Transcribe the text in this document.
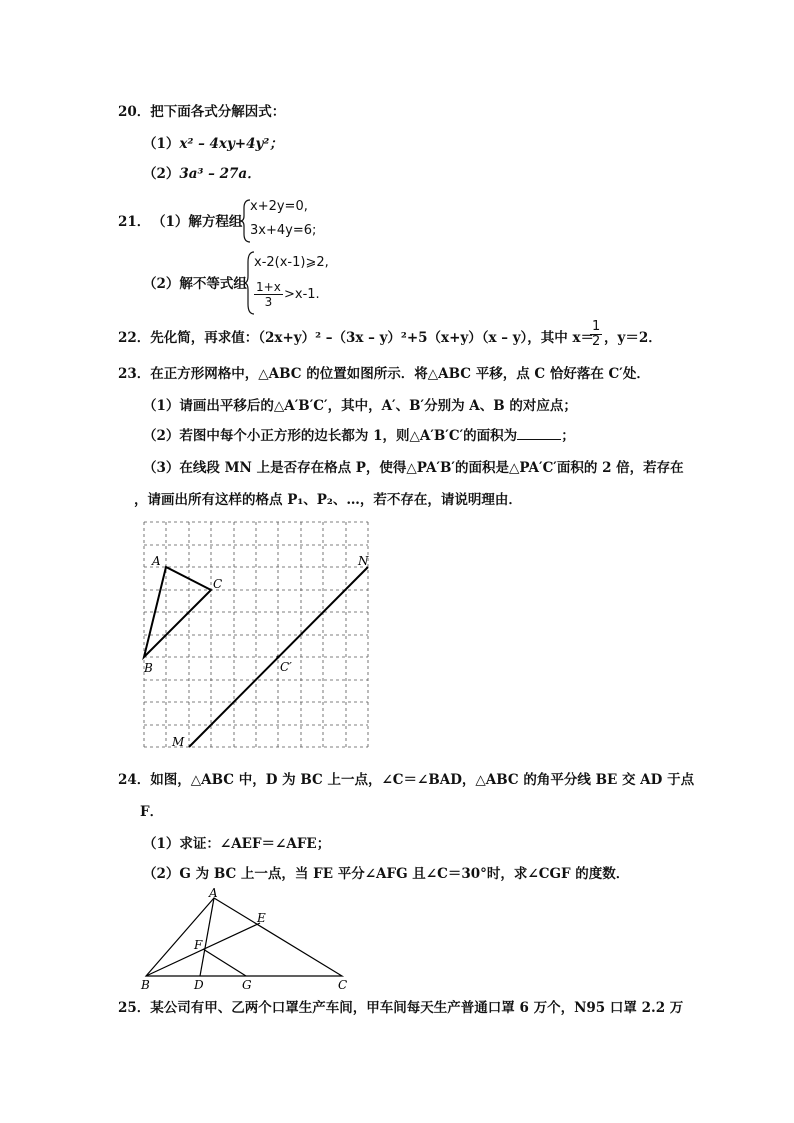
20．把下面各式分解因式：
（1）x² – 4xy+4y²；
（2）3a³ – 27a．
21． （1）解方程组
x+2y=0,
3x+4y=6;
（2）解不等式组
x-2(x-1)⩾2,
$\frac{1+x}{3} >x-1$.
22．先化简，再求值：（2x+y）² –（3x – y）²+5（x+y）（x – y），其中 x＝
$\frac{1}{2}$ ，y＝2．
23．在正方形网格中，△ABC 的位置如图所示．将△ABC 平移，点 C 恰好落在 C′处．
（1）请画出平移后的△A′B′C′，其中，A′、B′分别为 A、B 的对应点；
（2）若图中每个小正方形的边长都为 1，则△A′B′C′的面积为	；
（3）在线段 MN 上是否存在格点 P，使得△PA′B′的面积是△PA′C′面积的 2 倍，若存在
，请画出所有这样的格点 P₁、P₂、…，若不存在，请说明理由．
A
B
C
C′
M
N
24．如图，△ABC 中，D 为 BC 上一点，∠C＝∠BAD，△ABC 的角平分线 BE 交 AD 于点
F．
（1）求证：∠AEF＝∠AFE；
（2）G 为 BC 上一点，当 FE 平分∠AFG 且∠C＝30°时，求∠CGF 的度数．
A
B	C
D
E
F
G
25．某公司有甲、乙两个口罩生产车间，甲车间每天生产普通口罩 6 万个，N95 口罩 2.2 万
